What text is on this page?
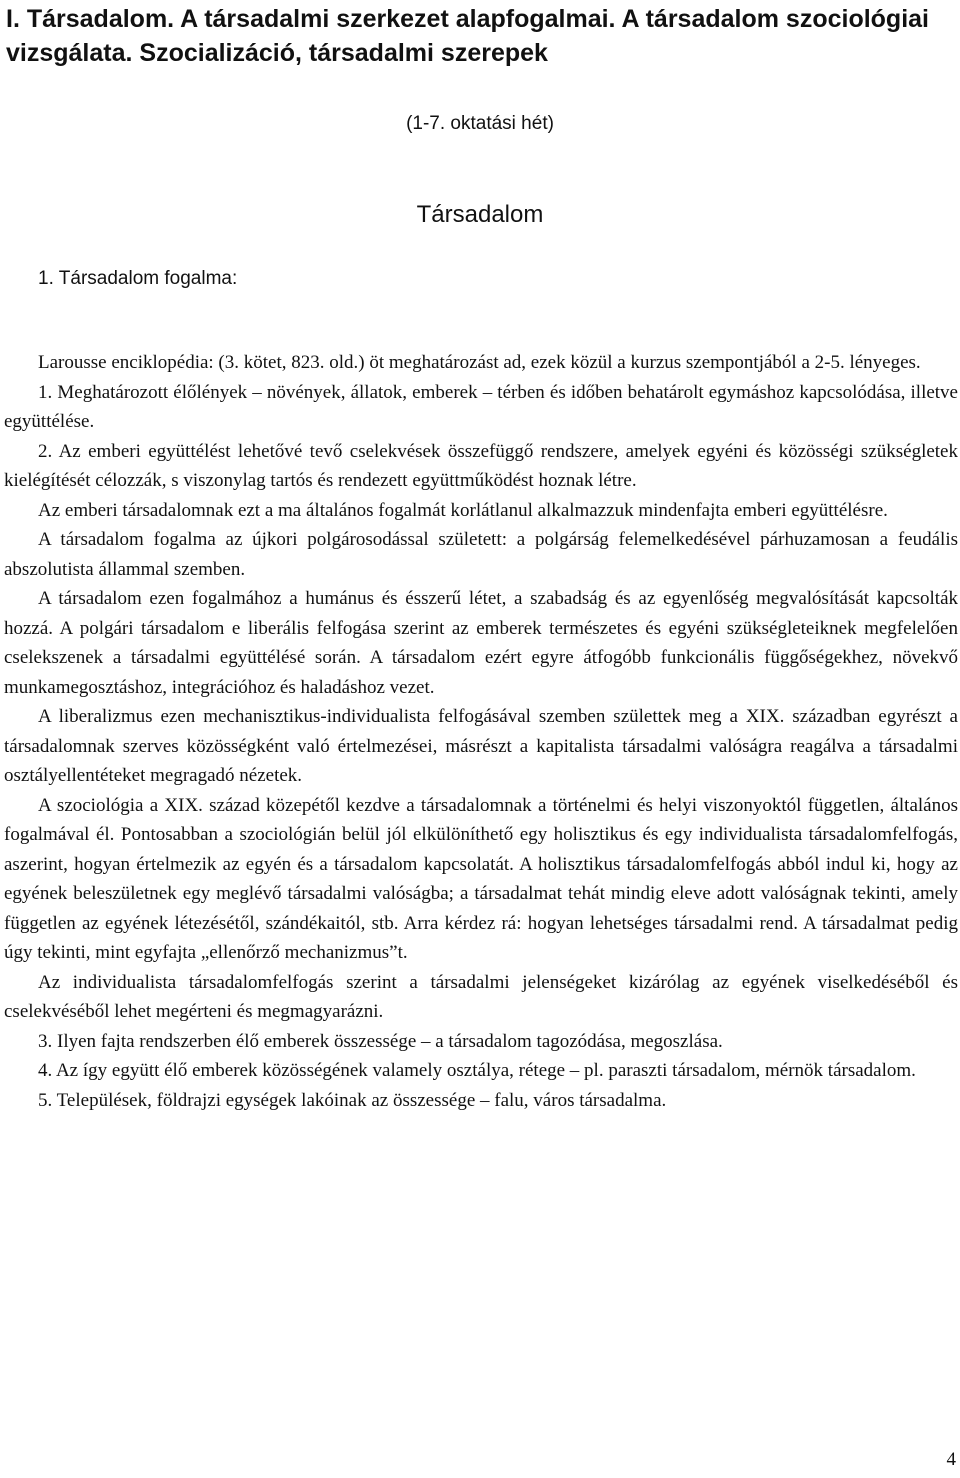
I. Társadalom. A társadalmi szerkezet alapfogalmai. A társadalom szociológiai vizsgálata. Szocializáció, társadalmi szerepek

(1-7. oktatási hét)

Társadalom

1. Társadalom fogalma:

Larousse enciklopédia: (3. kötet, 823. old.) öt meghatározást ad, ezek közül a kurzus szempontjából a 2-5. lényeges.

1. Meghatározott élőlények – növények, állatok, emberek – térben és időben behatárolt egymáshoz kapcsolódása, illetve együttélése.

2. Az emberi együttélést lehetővé tevő cselekvések összefüggő rendszere, amelyek egyéni és közösségi szükségletek kielégítését célozzák, s viszonylag tartós és rendezett együttműködést hoznak létre.

Az emberi társadalomnak ezt a ma általános fogalmát korlátlanul alkalmazzuk mindenfajta emberi együttélésre.

A társadalom fogalma az újkori polgárosodással született: a polgárság felemelkedésével párhuzamosan a feudális abszolutista állammal szemben.

A társadalom ezen fogalmához a humánus és ésszerű létet, a szabadság és az egyenlőség megvalósítását kapcsolták hozzá. A polgári társadalom e liberális felfogása szerint az emberek természetes és egyéni szükségleteiknek megfelelően cselekszenek a társadalmi együttélésé során. A társadalom ezért egyre átfogóbb funkcionális függőségekhez, növekvő munkamegosztáshoz, integrációhoz és haladáshoz vezet.

A liberalizmus ezen mechanisztikus-individualista felfogásával szemben születtek meg a XIX. században egyrészt a társadalomnak szerves közösségként való értelmezései, másrészt a kapitalista társadalmi valóságra reagálva a társadalmi osztályellentéteket megragadó nézetek.

A szociológia a XIX. század közepétől kezdve a társadalomnak a történelmi és helyi viszonyoktól független, általános fogalmával él. Pontosabban a szociológián belül jól elkülöníthető egy holisztikus és egy individualista társadalomfelfogás, aszerint, hogyan értelmezik az egyén és a társadalom kapcsolatát. A holisztikus társadalomfelfogás abból indul ki, hogy az egyének beleszületnek egy meglévő társadalmi valóságba; a társadalmat tehát mindig eleve adott valóságnak tekinti, amely független az egyének létezésétől, szándékaitól, stb. Arra kérdez rá: hogyan lehetséges társadalmi rend. A társadalmat pedig úgy tekinti, mint egyfajta „ellenőrző mechanizmus”t.

Az individualista társadalomfelfogás szerint a társadalmi jelenségeket kizárólag az egyének viselkedéséből és cselekvéséből lehet megérteni és megmagyarázni.

3. Ilyen fajta rendszerben élő emberek összessége – a társadalom tagozódása, megoszlása.

4. Az így együtt élő emberek közösségének valamely osztálya, rétege – pl. paraszti társadalom, mérnök társadalom.

5. Települések, földrajzi egységek lakóinak az összessége – falu, város társadalma.

4
